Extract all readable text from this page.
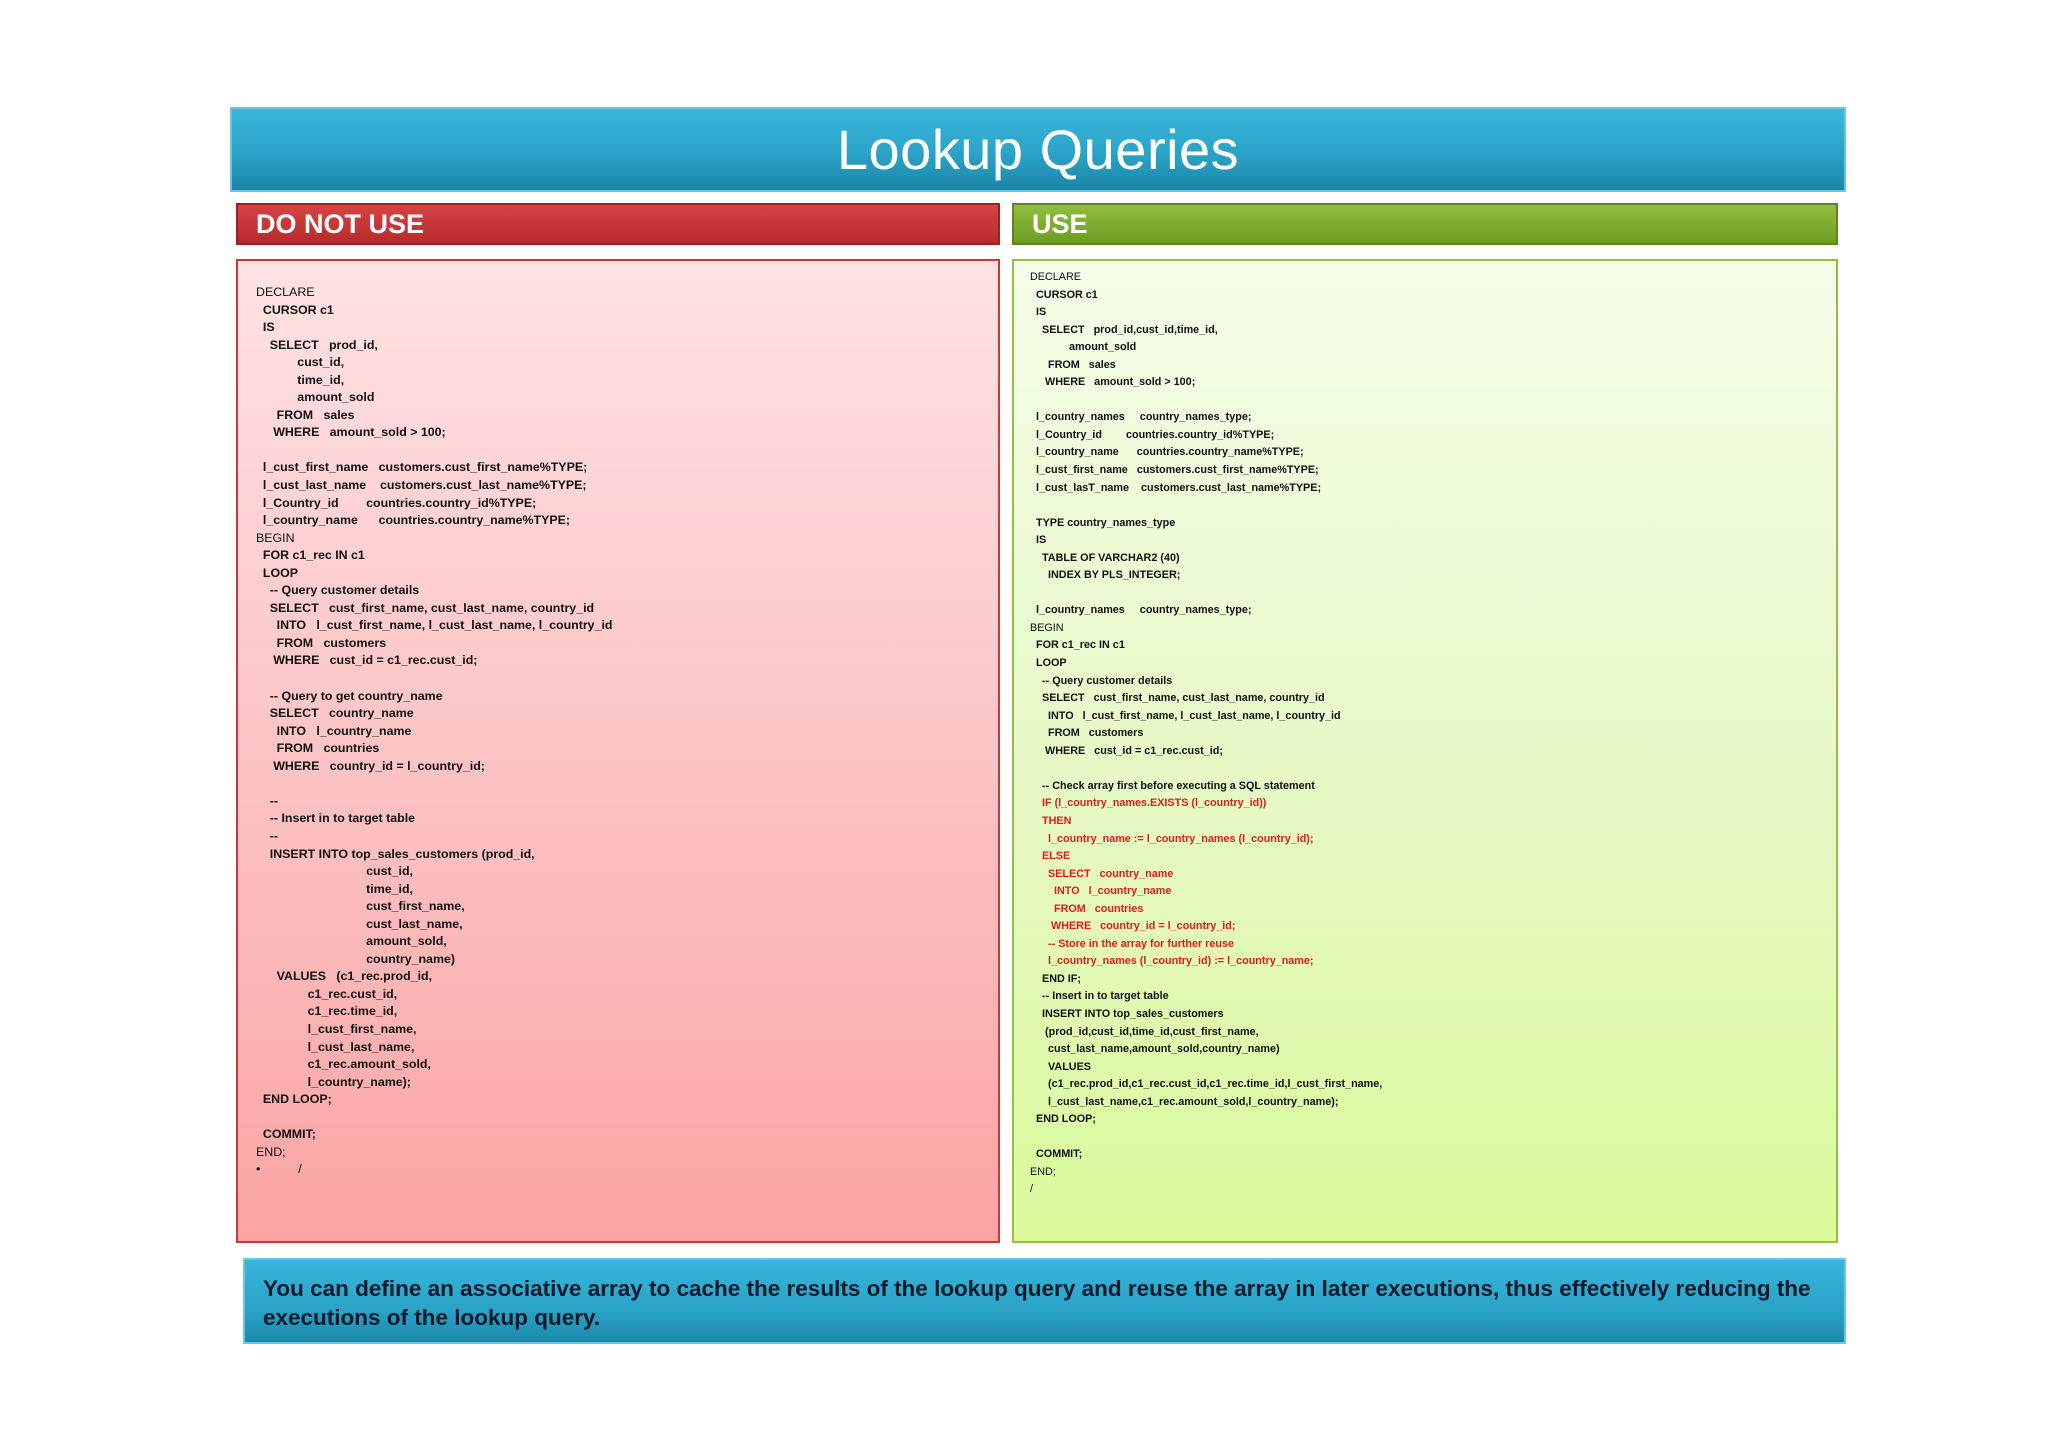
Lookup Queries
DO NOT USE	USE
DECLARE
CURSOR c1
IS
SELECT   prod_id,
cust_id,
time_id,
amount_sold
FROM   sales
WHERE   amount_sold > 100;

l_cust_first_name   customers.cust_first_name%TYPE;
l_cust_last_name    customers.cust_last_name%TYPE;
l_Country_id        countries.country_id%TYPE;
l_country_name      countries.country_name%TYPE;
BEGIN
FOR c1_rec IN c1
LOOP
-- Query customer details
SELECT   cust_first_name, cust_last_name, country_id
INTO   l_cust_first_name, l_cust_last_name, l_country_id
FROM   customers
WHERE   cust_id = c1_rec.cust_id;

-- Query to get country_name
SELECT   country_name
INTO   l_country_name
FROM   countries
WHERE   country_id = l_country_id;

--
-- Insert in to target table
--
INSERT INTO top_sales_customers (prod_id,
cust_id,
time_id,
cust_first_name,
cust_last_name,
amount_sold,
country_name)
VALUES   (c1_rec.prod_id,
c1_rec.cust_id,
c1_rec.time_id,
l_cust_first_name,
l_cust_last_name,
c1_rec.amount_sold,
l_country_name);
END LOOP;

COMMIT;
END;
•           /
DECLARE
CURSOR c1
IS
SELECT   prod_id,cust_id,time_id,
amount_sold
FROM   sales
WHERE   amount_sold > 100;

l_country_names     country_names_type;
l_Country_id        countries.country_id%TYPE;
l_country_name      countries.country_name%TYPE;
l_cust_first_name   customers.cust_first_name%TYPE;
l_cust_lasT_name    customers.cust_last_name%TYPE;

TYPE country_names_type
IS
TABLE OF VARCHAR2 (40)
INDEX BY PLS_INTEGER;

l_country_names     country_names_type;
BEGIN
FOR c1_rec IN c1
LOOP
-- Query customer details
SELECT   cust_first_name, cust_last_name, country_id
INTO   l_cust_first_name, l_cust_last_name, l_country_id
FROM   customers
WHERE   cust_id = c1_rec.cust_id;

-- Check array first before executing a SQL statement
IF (l_country_names.EXISTS (l_country_id))
THEN
l_country_name := l_country_names (l_country_id);
ELSE
SELECT   country_name
INTO   l_country_name
FROM   countries
WHERE   country_id = l_country_id;
-- Store in the array for further reuse
l_country_names (l_country_id) := l_country_name;
END IF;
-- Insert in to target table
INSERT INTO top_sales_customers
(prod_id,cust_id,time_id,cust_first_name,
cust_last_name,amount_sold,country_name)
VALUES
(c1_rec.prod_id,c1_rec.cust_id,c1_rec.time_id,l_cust_first_name,
l_cust_last_name,c1_rec.amount_sold,l_country_name);
END LOOP;

COMMIT;
END;
/
You can define an associative array to cache the results of the lookup query and reuse the array in later executions, thus effectively reducing the executions of the lookup query.
